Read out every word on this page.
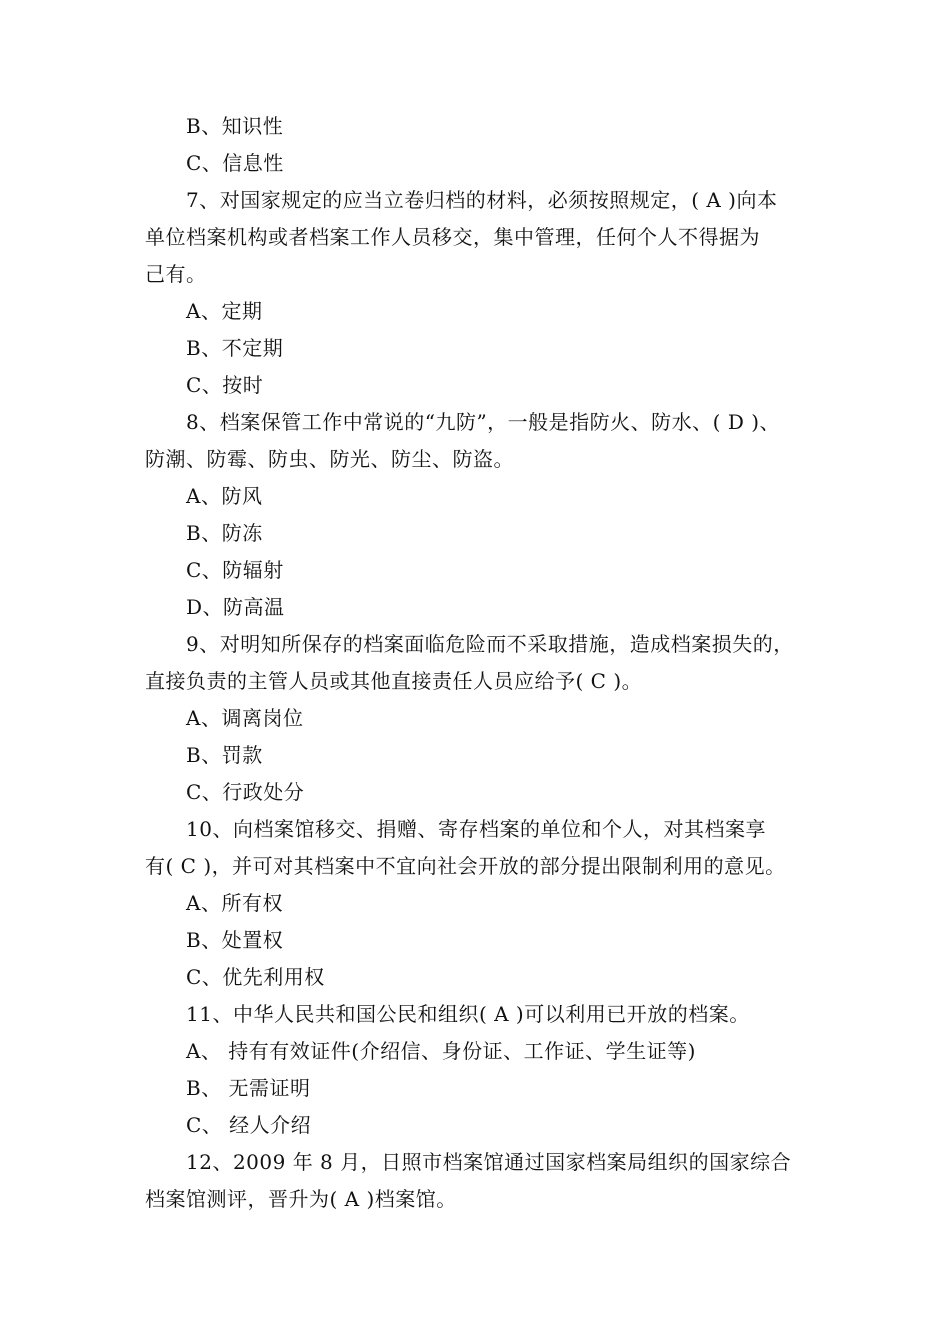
B、知识性
C、信息性
7、对国家规定的应当立卷归档的材料，必须按照规定，( A )向本
单位档案机构或者档案工作人员移交，集中管理，任何个人不得据为
己有。
A、定期
B、不定期
C、按时
8、档案保管工作中常说的“九防”，一般是指防火、防水、( D )、
防潮、防霉、防虫、防光、防尘、防盗。
A、防风
B、防冻
C、防辐射
D、防高温
9、对明知所保存的档案面临危险而不采取措施，造成档案损失的，
直接负责的主管人员或其他直接责任人员应给予( C )。
A、调离岗位
B、罚款
C、行政处分
10、向档案馆移交、捐赠、寄存档案的单位和个人，对其档案享
有( C )，并可对其档案中不宜向社会开放的部分提出限制利用的意见。
A、所有权
B、处置权
C、优先利用权
11、中华人民共和国公民和组织( A )可以利用已开放的档案。
A、 持有有效证件(介绍信、身份证、工作证、学生证等)
B、 无需证明
C、 经人介绍
12、2009 年 8 月，日照市档案馆通过国家档案局组织的国家综合
档案馆测评，晋升为( A )档案馆。
